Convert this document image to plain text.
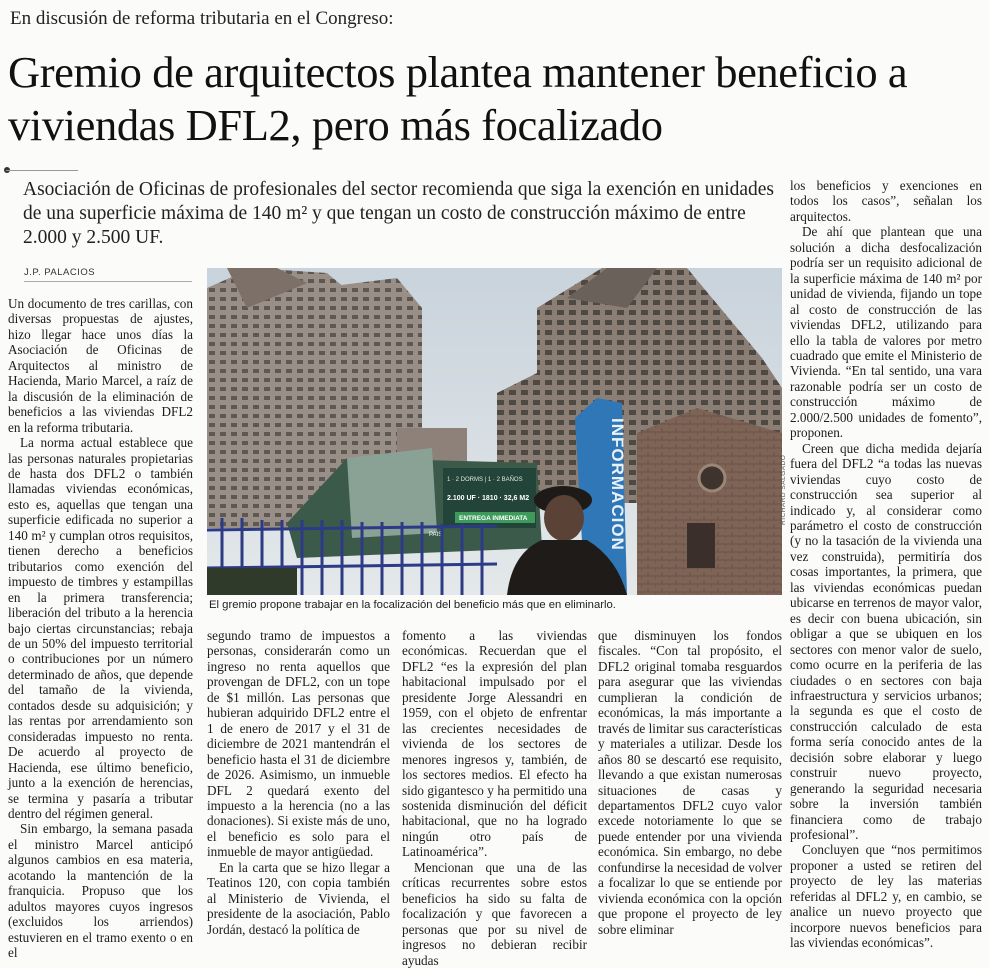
En discusión de reforma tributaria en el Congreso:
Gremio de arquitectos plantea mantener beneficio a viviendas DFL2, pero más focalizado
Asociación de Oficinas de profesionales del sector recomienda que siga la exención en unidades de una superficie máxima de 140 m² y que tengan un costo de construcción máximo de entre 2.000 y 2.500 UF.
J.P. PALACIOS

Un documento de tres carillas, con diversas propuestas de ajustes, hizo llegar hace unos días la Asociación de Oficinas de Arquitectos al ministro de Hacienda, Mario Marcel, a raíz de la discusión de la eliminación de beneficios a las viviendas DFL2 en la reforma tributaria.

La norma actual establece que las personas naturales propietarias de hasta dos DFL2 o también llamadas viviendas económicas, esto es, aquellas que tengan una superficie edificada no superior a 140 m² y cumplan otros requisitos, tienen derecho a beneficios tributarios como exención del impuesto de timbres y estampillas en la primera transferencia; liberación del tributo a la herencia bajo ciertas circunstancias; rebaja de un 50% del impuesto territorial o contribuciones por un número determinado de años, que depende del tamaño de la vivienda, contados desde su adquisición; y las rentas por arrendamiento son consideradas impuesto no renta. De acuerdo al proyecto de Hacienda, ese último beneficio, junto a la exención de herencias, se termina y pasaría a tributar dentro del régimen general.

Sin embargo, la semana pasada el ministro Marcel anticipó algunos cambios en esa materia, acotando la mantención de la franquicia. Propuso que los adultos mayores cuyos ingresos (excluidos los arriendos) estuvieren en el tramo exento o en el

INFORMACION
1 · 2 DORMS | 1 · 2 BAÑOS
2.100 UF · 1810 · 32,6 M2
ENTREGA INMEDIATA
PAIS
RICHARD SALGADO
El gremio propone trabajar en la focalización del beneficio más que en eliminarlo.

segundo tramo de impuestos a personas, considerarán como un ingreso no renta aquellos que provengan de DFL2, con un tope de $1 millón. Las personas que hubieran adquirido DFL2 entre el 1 de enero de 2017 y el 31 de diciembre de 2021 mantendrán el beneficio hasta el 31 de diciembre de 2026. Asimismo, un inmueble DFL 2 quedará exento del impuesto a la herencia (no a las donaciones). Si existe más de uno, el beneficio es solo para el inmueble de mayor antigüedad.

En la carta que se hizo llegar a Teatinos 120, con copia también al Ministerio de Vivienda, el presidente de la asociación, Pablo Jordán, destacó la política de

fomento a las viviendas económicas. Recuerdan que el DFL2 “es la expresión del plan habitacional impulsado por el presidente Jorge Alessandri en 1959, con el objeto de enfrentar las crecientes necesidades de vivienda de los sectores de menores ingresos y, también, de los sectores medios. El efecto ha sido gigantesco y ha permitido una sostenida disminución del déficit habitacional, que no ha logrado ningún otro país de Latinoamérica”.

Mencionan que una de las críticas recurrentes sobre estos beneficios ha sido su falta de focalización y que favorecen a personas que por su nivel de ingresos no debieran recibir ayudas

que disminuyen los fondos fiscales. “Con tal propósito, el DFL2 original tomaba resguardos para asegurar que las viviendas cumplieran la condición de económicas, la más importante a través de limitar sus características y materiales a utilizar. Desde los años 80 se descartó ese requisito, llevando a que existan numerosas situaciones de casas y departamentos DFL2 cuyo valor excede notoriamente lo que se puede entender por una vivienda económica. Sin embargo, no debe confundirse la necesidad de volver a focalizar lo que se entiende por vivienda económica con la opción que propone el proyecto de ley sobre eliminar

los beneficios y exenciones en todos los casos”, señalan los arquitectos.

De ahí que plantean que una solución a dicha desfocalización podría ser un requisito adicional de la superficie máxima de 140 m² por unidad de vivienda, fijando un tope al costo de construcción de las viviendas DFL2, utilizando para ello la tabla de valores por metro cuadrado que emite el Ministerio de Vivienda. “En tal sentido, una vara razonable podría ser un costo de construcción máximo de 2.000/2.500 unidades de fomento”, proponen.

Creen que dicha medida dejaría fuera del DFL2 “a todas las nuevas viviendas cuyo costo de construcción sea superior al indicado y, al considerar como parámetro el costo de construcción (y no la tasación de la vivienda una vez construida), permitiría dos cosas importantes, la primera, que las viviendas económicas puedan ubicarse en terrenos de mayor valor, es decir con buena ubicación, sin obligar a que se ubiquen en los sectores con menor valor de suelo, como ocurre en la periferia de las ciudades o en sectores con baja infraestructura y servicios urbanos; la segunda es que el costo de construcción calculado de esta forma sería conocido antes de la decisión sobre elaborar y luego construir nuevo proyecto, generando la seguridad necesaria sobre la inversión también financiera como de trabajo profesional”.

Concluyen que “nos permitimos proponer a usted se retiren del proyecto de ley las materias referidas al DFL2 y, en cambio, se analice un nuevo proyecto que incorpore nuevos beneficios para las viviendas económicas”.
